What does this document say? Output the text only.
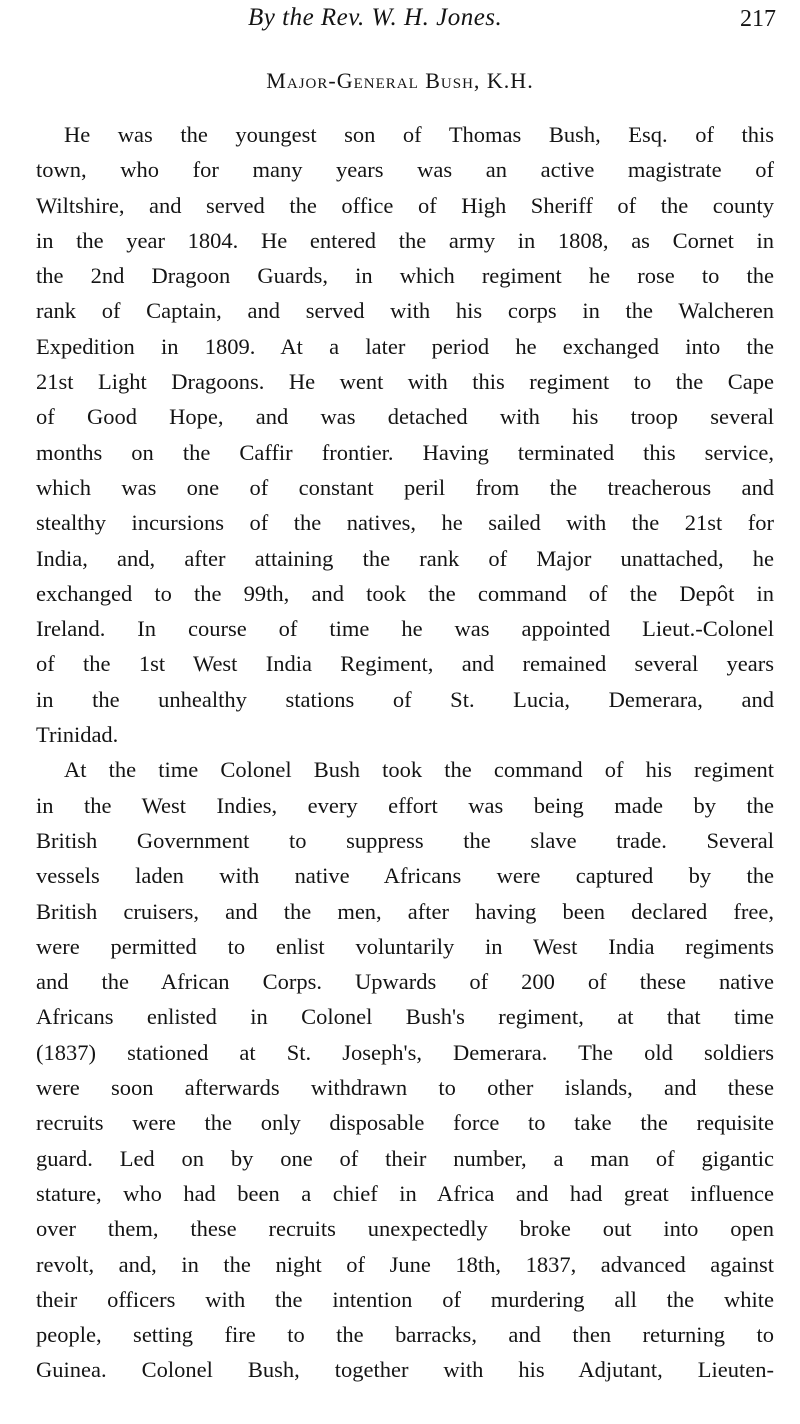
By the Rev. W. H. Jones.	217
Major-General Bush, K.H.
He was the youngest son of Thomas Bush, Esq. of this
town, who for many years was an active magistrate of
Wiltshire, and served the office of High Sheriff of the county
in the year 1804. He entered the army in 1808, as Cornet in
the 2nd Dragoon Guards, in which regiment he rose to the
rank of Captain, and served with his corps in the Walcheren
Expedition in 1809. At a later period he exchanged into the
21st Light Dragoons. He went with this regiment to the Cape
of Good Hope, and was detached with his troop several
months on the Caffir frontier. Having terminated this service,
which was one of constant peril from the treacherous and
stealthy incursions of the natives, he sailed with the 21st for
India, and, after attaining the rank of Major unattached, he
exchanged to the 99th, and took the command of the Depôt in
Ireland. In course of time he was appointed Lieut.-Colonel
of the 1st West India Regiment, and remained several years
in the unhealthy stations of St. Lucia, Demerara, and
Trinidad.
At the time Colonel Bush took the command of his regiment
in the West Indies, every effort was being made by the
British Government to suppress the slave trade. Several
vessels laden with native Africans were captured by the
British cruisers, and the men, after having been declared free,
were permitted to enlist voluntarily in West India regiments
and the African Corps. Upwards of 200 of these native
Africans enlisted in Colonel Bush's regiment, at that time
(1837) stationed at St. Joseph's, Demerara. The old soldiers
were soon afterwards withdrawn to other islands, and these
recruits were the only disposable force to take the requisite
guard. Led on by one of their number, a man of gigantic
stature, who had been a chief in Africa and had great influence
over them, these recruits unexpectedly broke out into open
revolt, and, in the night of June 18th, 1837, advanced against
their officers with the intention of murdering all the white
people, setting fire to the barracks, and then returning to
Guinea. Colonel Bush, together with his Adjutant, Lieuten-
